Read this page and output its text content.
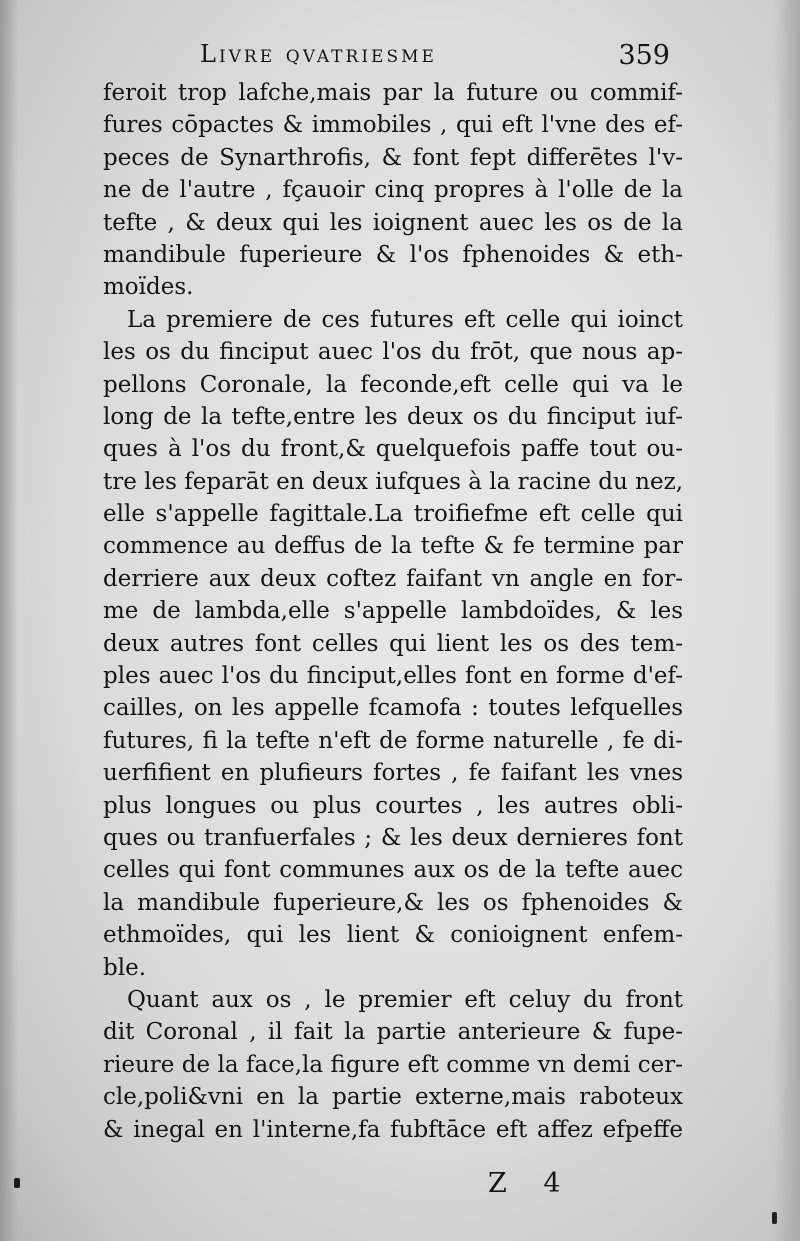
Livre qvatriesme	359
feroit trop lafche,mais par la future ou commif-
fures cōpactes & immobiles , qui eft l'vne des ef-
peces de Synarthrofis, & font fept differētes l'v-
ne de l'autre , fçauoir cinq propres à l'olle de la
tefte , & deux qui les ioignent auec les os de la
mandibule fuperieure & l'os fphenoides & eth-
moïdes.
La premiere de ces futures eft celle qui ioinct
les os du finciput auec l'os du frōt, que nous ap-
pellons Coronale, la feconde,eft celle qui va le
long de la tefte,entre les deux os du finciput iuf-
ques à l'os du front,& quelquefois paffe tout ou-
tre les feparāt en deux iufques à la racine du nez,
elle s'appelle fagittale.La troifiefme eft celle qui
commence au deffus de la tefte & fe termine par
derriere aux deux coftez faifant vn angle en for-
me de lambda,elle s'appelle lambdoïdes, & les
deux autres font celles qui lient les os des tem-
ples auec l'os du finciput,elles font en forme d'ef-
cailles, on les appelle fcamofa : toutes lefquelles
futures, fi la tefte n'eft de forme naturelle , fe di-
uerfifient en plufieurs fortes , fe faifant les vnes
plus longues ou plus courtes , les autres obli-
ques ou tranfuerfales ; & les deux dernieres font
celles qui font communes aux os de la tefte auec
la mandibule fuperieure,& les os fphenoides &
ethmoïdes, qui les lient & conioignent enfem-
ble.
Quant aux os , le premier eft celuy du front
dit Coronal , il fait la partie anterieure & fupe-
rieure de la face,la figure eft comme vn demi cer-
cle,poli&vni en la partie externe,mais raboteux
& inegal en l'interne,fa fubftāce eft affez efpeffe
Z 4
